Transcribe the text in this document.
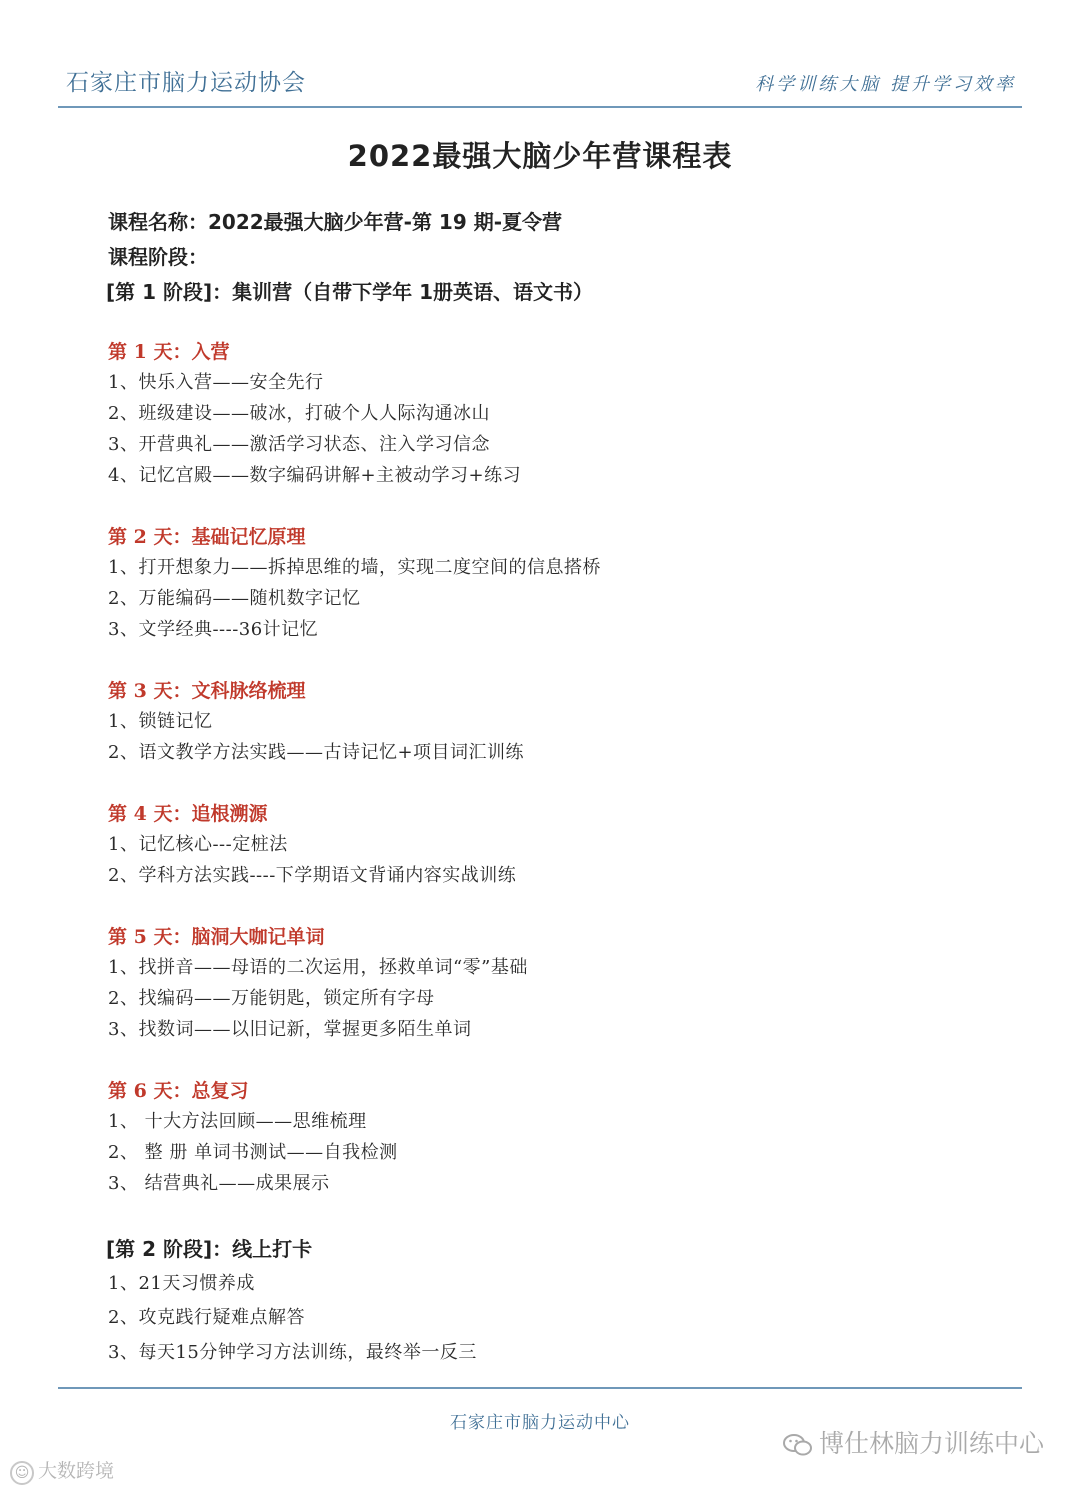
石家庄市脑力运动协会	科学训练大脑 提升学习效率
2022最强大脑少年营课程表
课程名称：2022最强大脑少年营-第 19 期-夏令营
课程阶段：
[第 1 阶段]：集训营（自带下学年 1册英语、语文书）
第 1 天：入营
1、快乐入营——安全先行
2、班级建设——破冰，打破个人人际沟通冰山
3、开营典礼——激活学习状态、注入学习信念
4、记忆宫殿——数字编码讲解+主被动学习+练习
第 2 天：基础记忆原理
1、打开想象力——拆掉思维的墙，实现二度空间的信息搭桥
2、万能编码——随机数字记忆
3、文学经典----36计记忆
第 3 天：文科脉络梳理
1、锁链记忆
2、语文教学方法实践——古诗记忆+项目词汇训练
第 4 天：追根溯源
1、记忆核心---定桩法
2、学科方法实践----下学期语文背诵内容实战训练
第 5 天：脑洞大咖记单词
1、找拼音——母语的二次运用，拯救单词“零”基础
2、找编码——万能钥匙，锁定所有字母
3、找数词——以旧记新，掌握更多陌生单词
第 6 天：总复习
1、 十大方法回顾——思维梳理
2、 整 册 单词书测试——自我检测
3、 结营典礼——成果展示
[第 2 阶段]：线上打卡
1、21天习惯养成
2、攻克践行疑难点解答
3、每天15分钟学习方法训练，最终举一反三
石家庄市脑力运动中心
☺ 大数跨境
博仕林脑力训练中心
